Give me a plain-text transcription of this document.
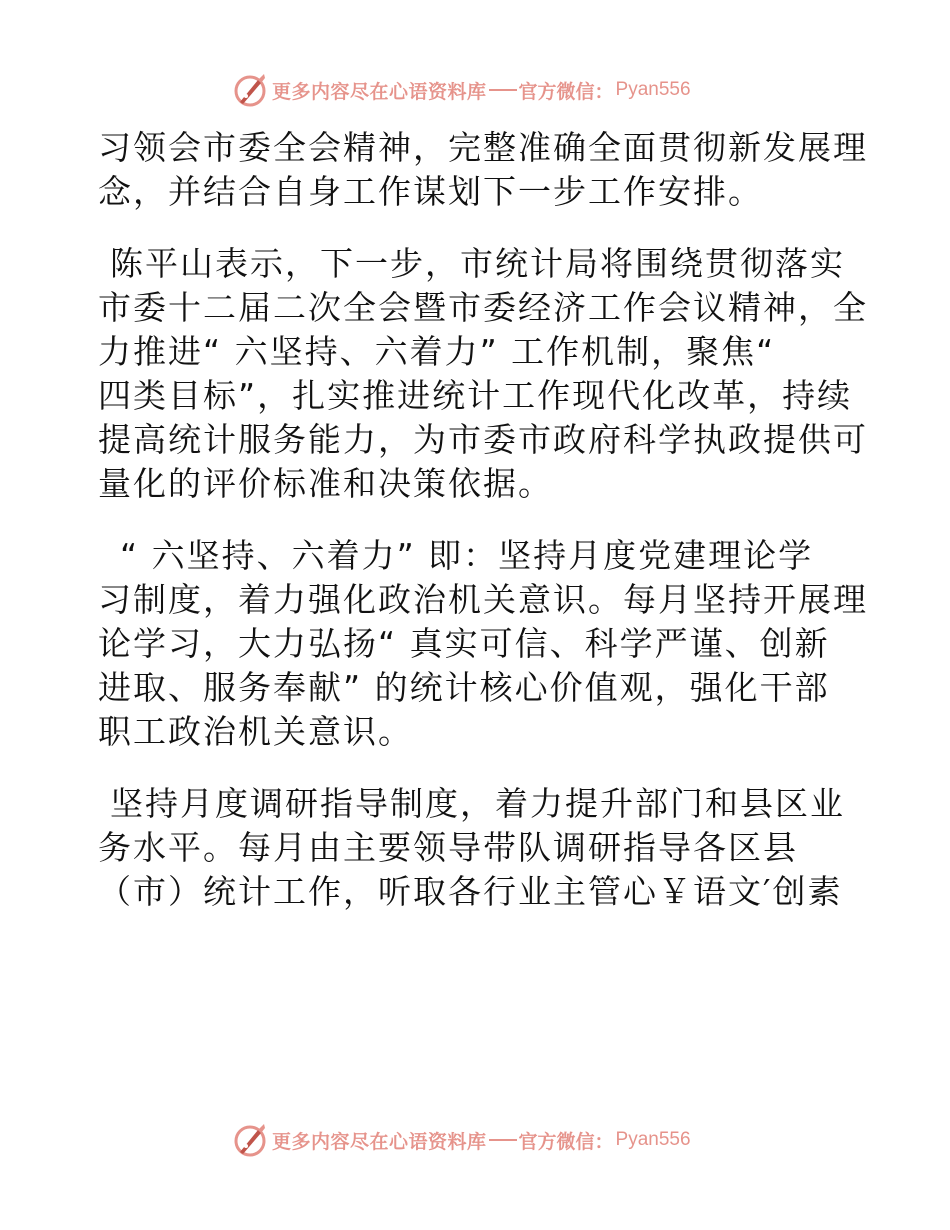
更多内容尽在心语资料库 官方微信： Pyan556

习领会市委全会精神，完整准确全面贯彻新发展理

念，并结合自身工作谋划下一步工作安排。

陈平山表示，下一步，市统计局将围绕贯彻落实

市委十二届二次全会暨市委经济工作会议精神，全

力推进“ 六坚持、六着力” 工作机制，聚焦“

四类目标”，扎实推进统计工作现代化改革，持续

提高统计服务能力，为市委市政府科学执政提供可

量化的评价标准和决策依据。

“ 六坚持、六着力” 即：坚持月度党建理论学

习制度，着力强化政治机关意识。每月坚持开展理

论学习，大力弘扬“ 真实可信、科学严谨、创新

进取、服务奉献” 的统计核心价值观，强化干部

职工政治机关意识。

坚持月度调研指导制度，着力提升部门和县区业

务水平。每月由主要领导带队调研指导各区县

（市）统计工作，听取各行业主管心￥语文′创素

更多内容尽在心语资料库 官方微信： Pyan556
